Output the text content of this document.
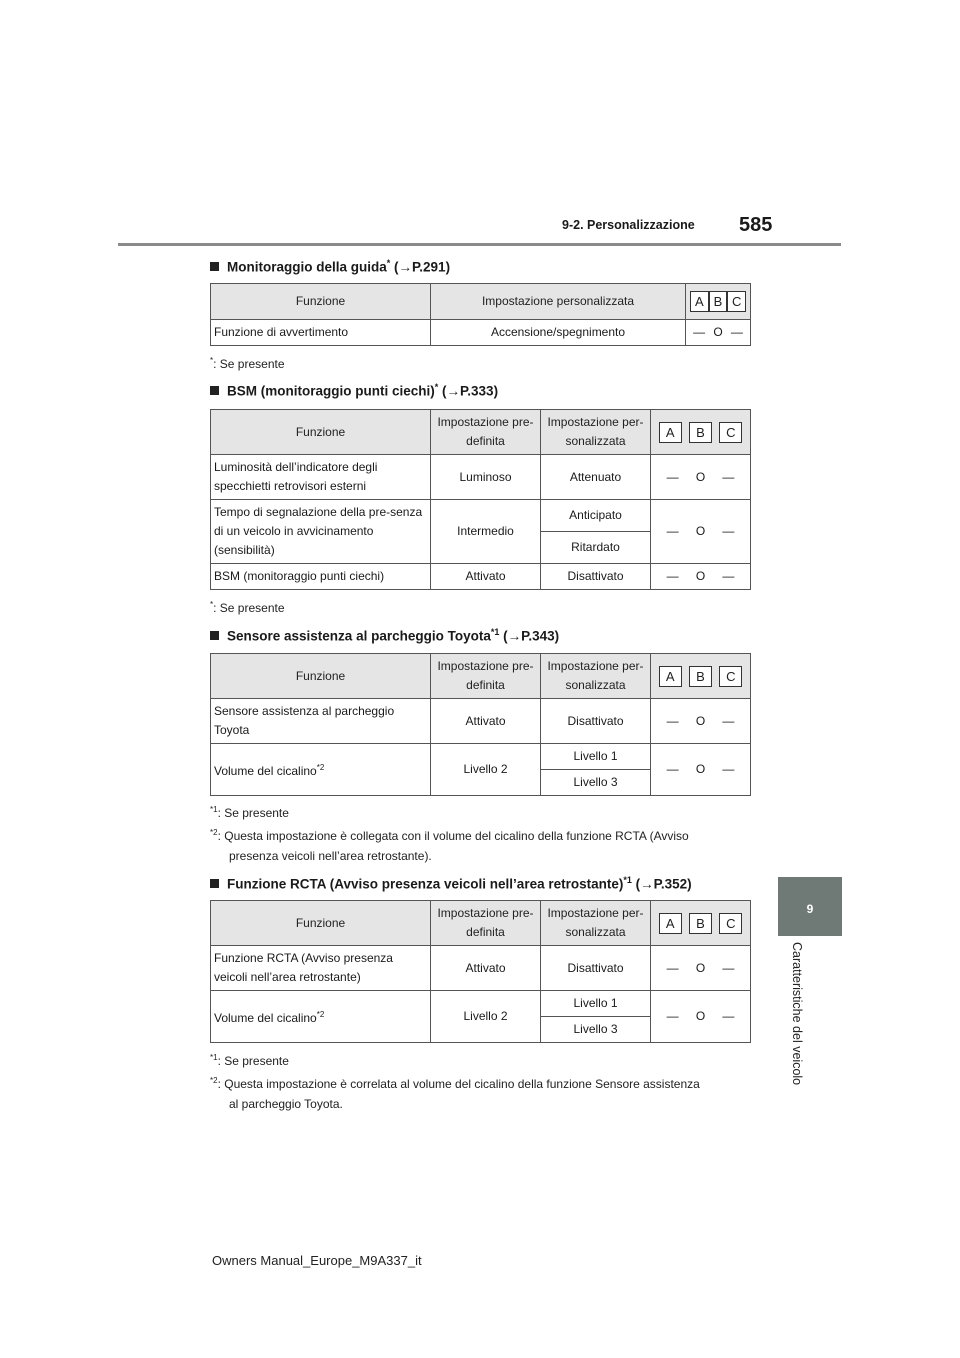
9-2. Personalizzazione 585
9
Caratteristiche del veicolo
Monitoraggio della guida* (→P.291)
Funzione	Impostazione personalizzata	A B C

Funzione di avvertimento	Accensione/spegnimento	— O —
*: Se presente
BSM (monitoraggio punti ciechi)* (→P.333)
Funzione	Impostazione pre-definita	Impostazione per-sonalizzata	A B C

Luminosità dell’indicatore degli specchietti retrovisori esterni	Luminoso	Attenuato	— O —

Tempo di segnalazione della pre-senza di un veicolo in avvicinamento (sensibilità)	Intermedio	Anticipato	— O —

		Ritardato	
BSM (monitoraggio punti ciechi)	Attivato	Disattivato	— O —
*: Se presente
Sensore assistenza al parcheggio Toyota$^{*1}$ (→P.343)
Funzione	Impostazione pre-definita	Impostazione per-sonalizzata	A B C

Sensore assistenza al parcheggio Toyota	Attivato	Disattivato	— O —

Volume del cicalino$^{*2}$	Livello 2	Livello 1	— O —

		Livello 3	
$^{*1}$: Se presente
$^{*2}$: Questa impostazione è collegata con il volume del cicalino della funzione RCTA (Avviso
presenza veicoli nell’area retrostante).
Funzione RCTA (Avviso presenza veicoli nell’area retrostante)$^{*1}$ (→P.352)
Funzione	Impostazione pre-definita	Impostazione per-sonalizzata	A B C

Funzione RCTA (Avviso presenza veicoli nell’area retrostante)	Attivato	Disattivato	— O —

Volume del cicalino$^{*2}$	Livello 2	Livello 1	— O —

		Livello 3	
$^{*1}$: Se presente
$^{*2}$: Questa impostazione è correlata al volume del cicalino della funzione Sensore assistenza
al parcheggio Toyota.
Owners Manual_Europe_M9A337_it
